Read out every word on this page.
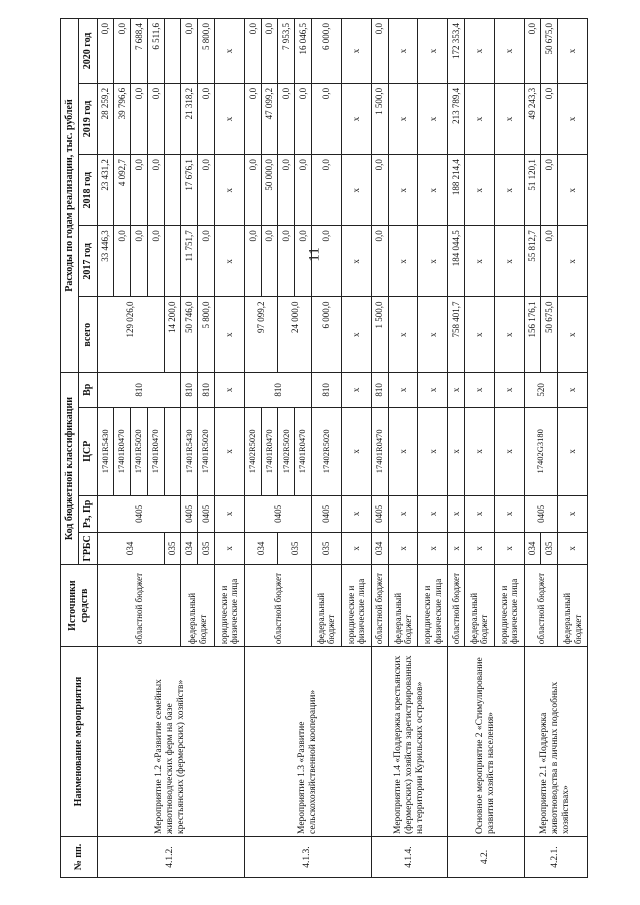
11
№ пп.	Наименование мероприятия	Источники средств	Код бюджетной классификации				Расходы по годам реализации, тыс. рублей				
			ГРБС	Рз, Пр	ЦСР	Вр	всего	2017 год	2018 год	2019 год	2020 год
4.1.2.	Мероприятие 1.2 «Развитие семейных животноводческих ферм на базе крестьянских (фермерских) хозяйств»	областной бюджет	034	0405	17401R5430	810	129 026,0	33 446,3	23 431,2	28 259,2	0,0
					17401R0470			0,0	4 092,7	39 796,6	0,0
					17401R5020			0,0	0,0	0,0	7 688,4
					17401R0470			0,0	0,0	0,0	6 511,6
			035				14 200,0				
		федеральный бюджет	034	0405	17401R5430	810	50 746,0	11 751,7	17 676,1	21 318,2	0,0
			035	0405	17401R5020	810	5 800,0	0,0	0,0	0,0	5 800,0
		юридические и физические лица	x	x	x	x	x	x	x	x	x
4.1.3.	Мероприятие 1.3 «Развитие сельскохозяйственной кооперации»	областной бюджет	034	0405	17402R5020	810	97 099,2	0,0	0,0	0,0	0,0
					17401R0470			0,0	50 000,0	47 099,2	0,0
			035		17402R5020		24 000,0	0,0	0,0	0,0	7 953,5
					17401R0470			0,0	0,0	0,0	16 046,5
		федеральный бюджет	035	0405	17402R5020	810	6 000,0	0,0	0,0	0,0	6 000,0
		юридические и физические лица	x	x	x	x	x	x	x	x	x
4.1.4.	Мероприятие 1.4 «Поддержка крестьянских (фермерских) хозяйств зарегистрированных на территории Курильских островов»	областной бюджет	034	0405	17401R0470	810	1 500,0	0,0	0,0	1 500,0	0,0
		федеральный бюджет	x	x	x	x	x	x	x	x	x
		юридические и физические лица	x	x	x	x	x	x	x	x	x
4.2.	Основное мероприятие 2 «Стимулирование развития хозяйств населения»	областной бюджет	x	x	x	x	758 401,7	184 044,5	188 214,4	213 789,4	172 353,4
		федеральный бюджет	x	x	x	x	x	x	x	x	x
		юридические и физические лица	x	x	x	x	x	x	x	x	x
4.2.1.	Мероприятие 2.1 «Поддержка животноводства в личных подсобных хозяйствах»	областной бюджет	034	0405	17402G3180	520	156 176,1	55 812,7	51 120,1	49 243,3	0,0
			035				50 675,0	0,0	0,0	0,0	50 675,0
		федеральный бюджет	x	x	x	x	x	x	x	x	x
